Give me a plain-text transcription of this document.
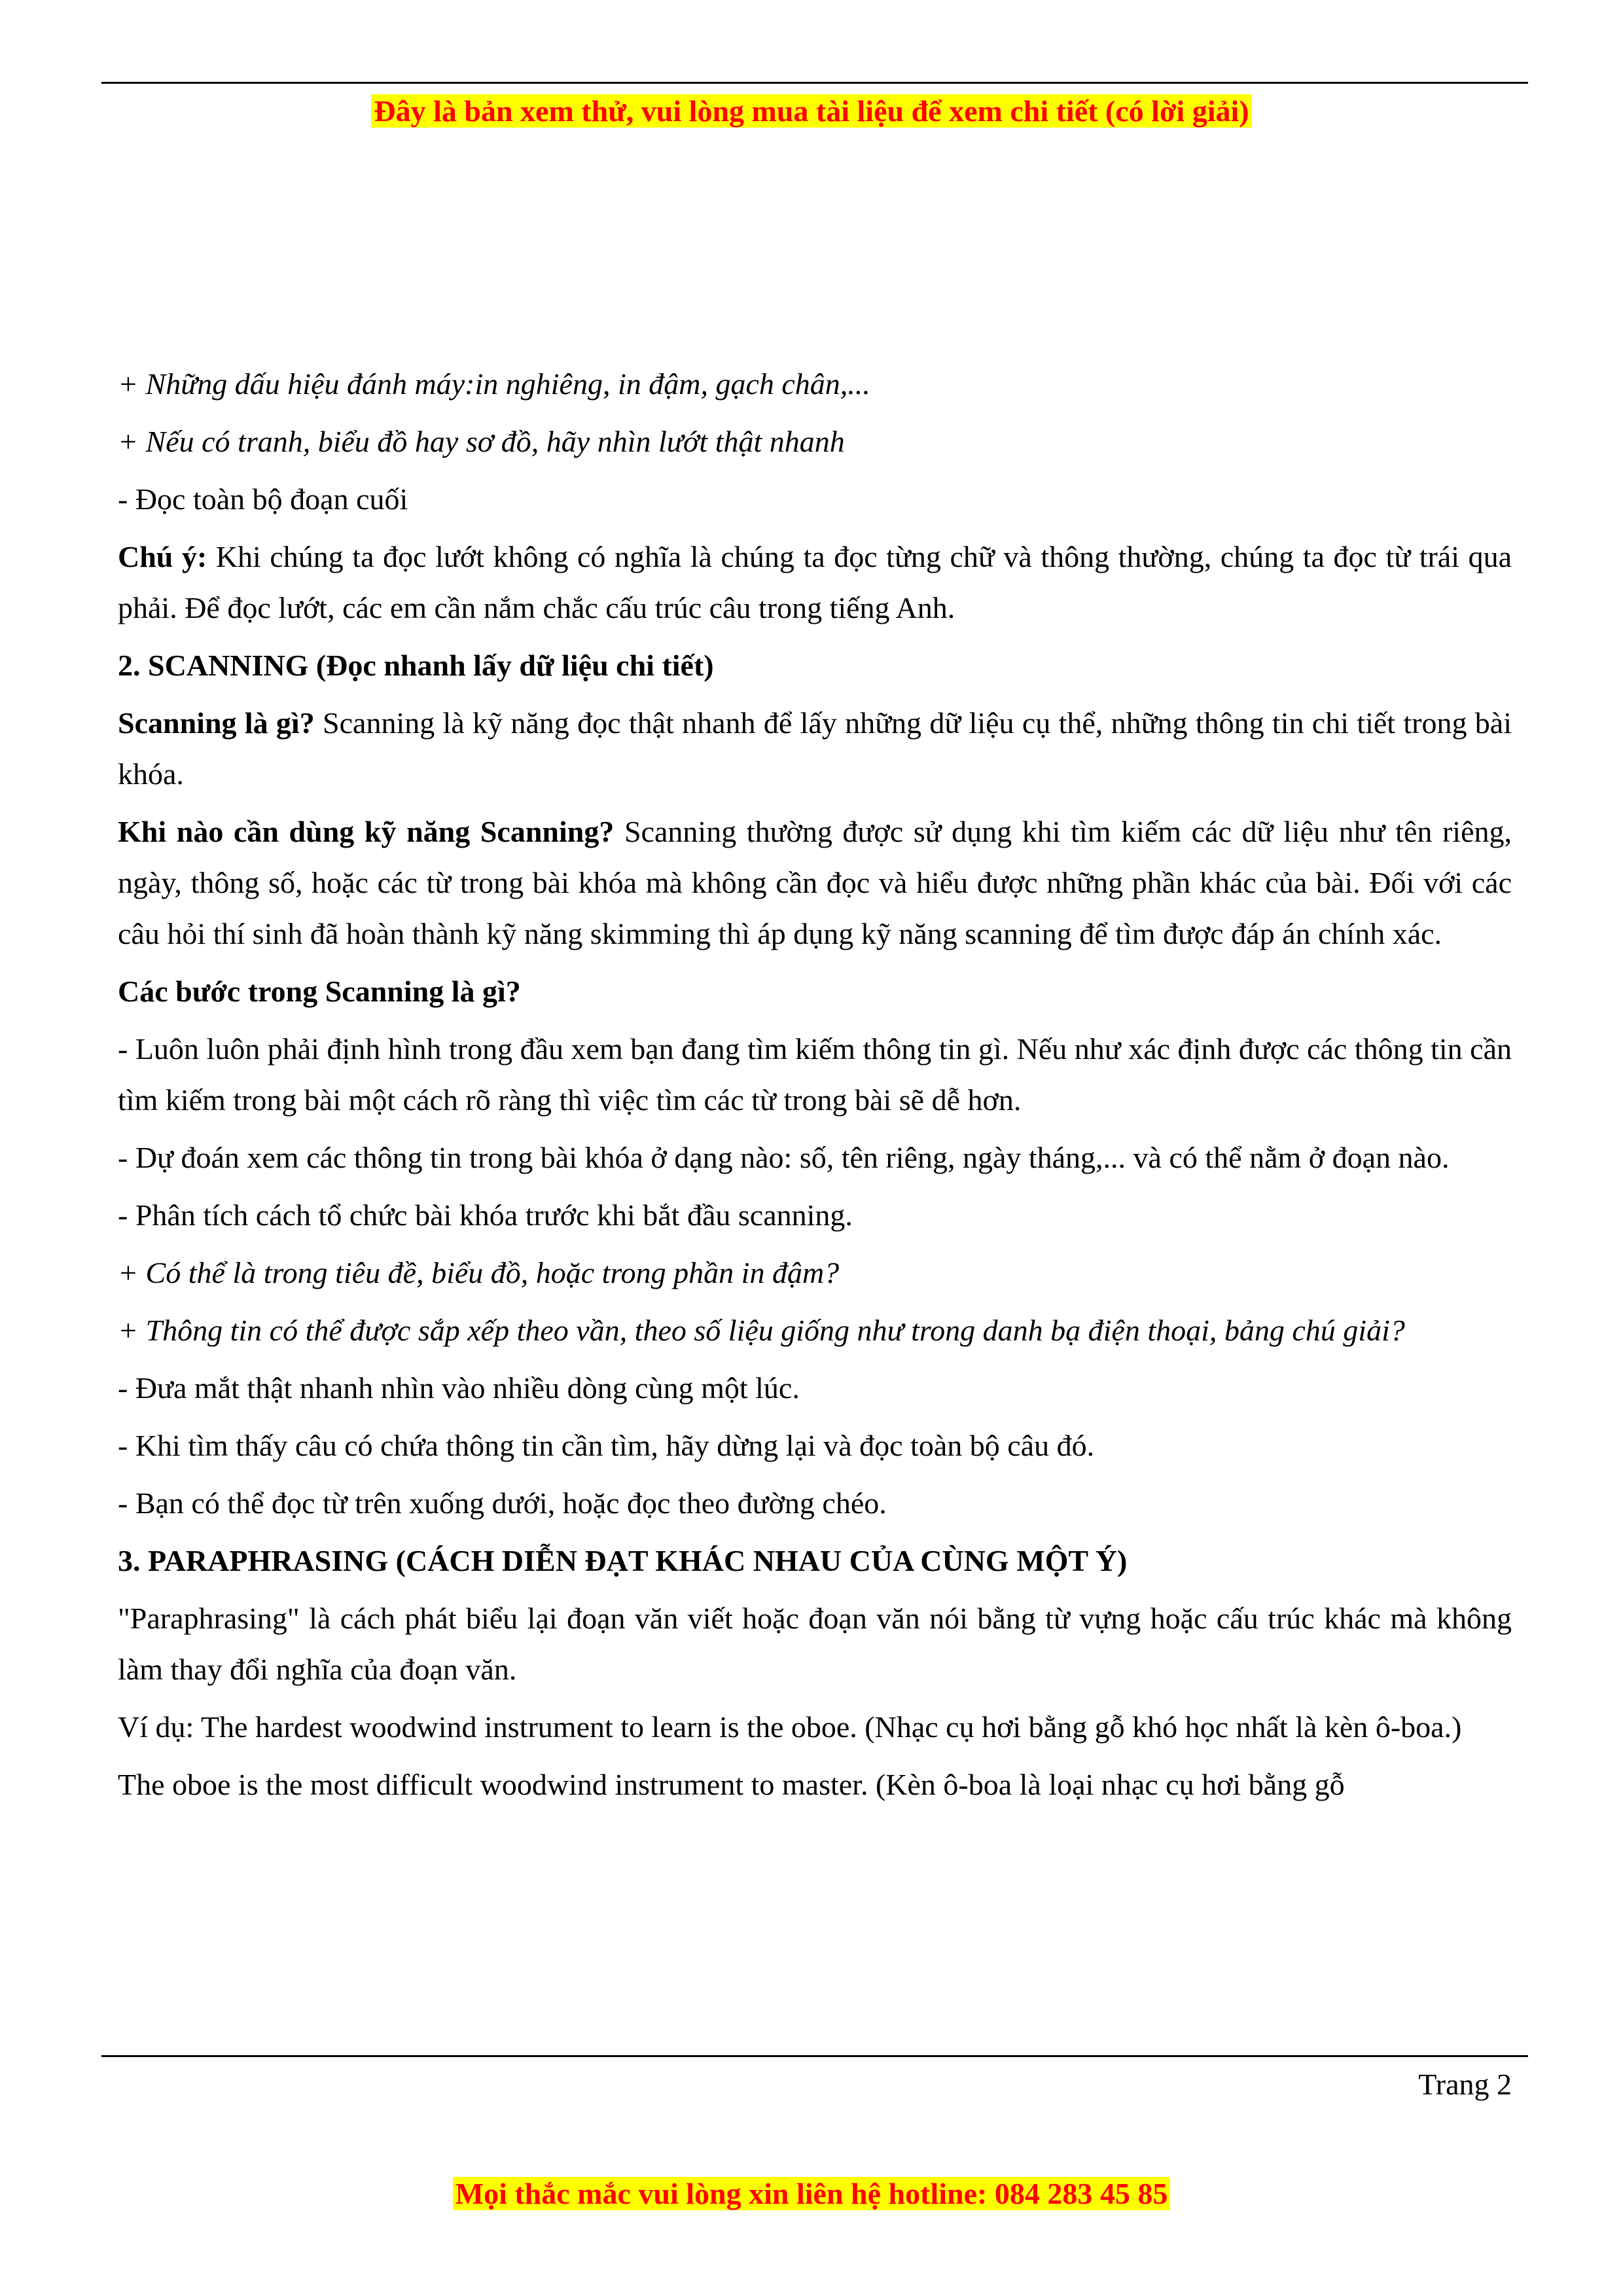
Đây là bản xem thử, vui lòng mua tài liệu để xem chi tiết (có lời giải)

+ Những dấu hiệu đánh máy:in nghiêng, in đậm, gạch chân,...

+ Nếu có tranh, biểu đồ hay sơ đồ, hãy nhìn lướt thật nhanh

- Đọc toàn bộ đoạn cuối

Chú ý: Khi chúng ta đọc lướt không có nghĩa là chúng ta đọc từng chữ và thông thường, chúng ta đọc từ trái qua phải. Để đọc lướt, các em cần nắm chắc cấu trúc câu trong tiếng Anh.

2. SCANNING (Đọc nhanh lấy dữ liệu chi tiết)

Scanning là gì? Scanning là kỹ năng đọc thật nhanh để lấy những dữ liệu cụ thể, những thông tin chi tiết trong bài khóa.

Khi nào cần dùng kỹ năng Scanning? Scanning thường được sử dụng khi tìm kiếm các dữ liệu như tên riêng, ngày, thông số, hoặc các từ trong bài khóa mà không cần đọc và hiểu được những phần khác của bài. Đối với các câu hỏi thí sinh đã hoàn thành kỹ năng skimming thì áp dụng kỹ năng scanning để tìm được đáp án chính xác.

Các bước trong Scanning là gì?

- Luôn luôn phải định hình trong đầu xem bạn đang tìm kiếm thông tin gì. Nếu như xác định được các thông tin cần tìm kiếm trong bài một cách rõ ràng thì việc tìm các từ trong bài sẽ dễ hơn.

- Dự đoán xem các thông tin trong bài khóa ở dạng nào: số, tên riêng, ngày tháng,... và có thể nằm ở đoạn nào.

- Phân tích cách tổ chức bài khóa trước khi bắt đầu scanning.

+ Có thể là trong tiêu đề, biểu đồ, hoặc trong phần in đậm?

+ Thông tin có thể được sắp xếp theo vần, theo số liệu giống như trong danh bạ điện thoại, bảng chú giải?

- Đưa mắt thật nhanh nhìn vào nhiều dòng cùng một lúc.

- Khi tìm thấy câu có chứa thông tin cần tìm, hãy dừng lại và đọc toàn bộ câu đó.

- Bạn có thể đọc từ trên xuống dưới, hoặc đọc theo đường chéo.

3. PARAPHRASING (CÁCH DIỄN ĐẠT KHÁC NHAU CỦA CÙNG MỘT Ý)

"Paraphrasing" là cách phát biểu lại đoạn văn viết hoặc đoạn văn nói bằng từ vựng hoặc cấu trúc khác mà không làm thay đổi nghĩa của đoạn văn.

Ví dụ: The hardest woodwind instrument to learn is the oboe. (Nhạc cụ hơi bằng gỗ khó học nhất là kèn ô-boa.)

The oboe is the most difficult woodwind instrument to master. (Kèn ô-boa là loại nhạc cụ hơi bằng gỗ

Trang 2
Mọi thắc mắc vui lòng xin liên hệ hotline: 084 283 45 85
